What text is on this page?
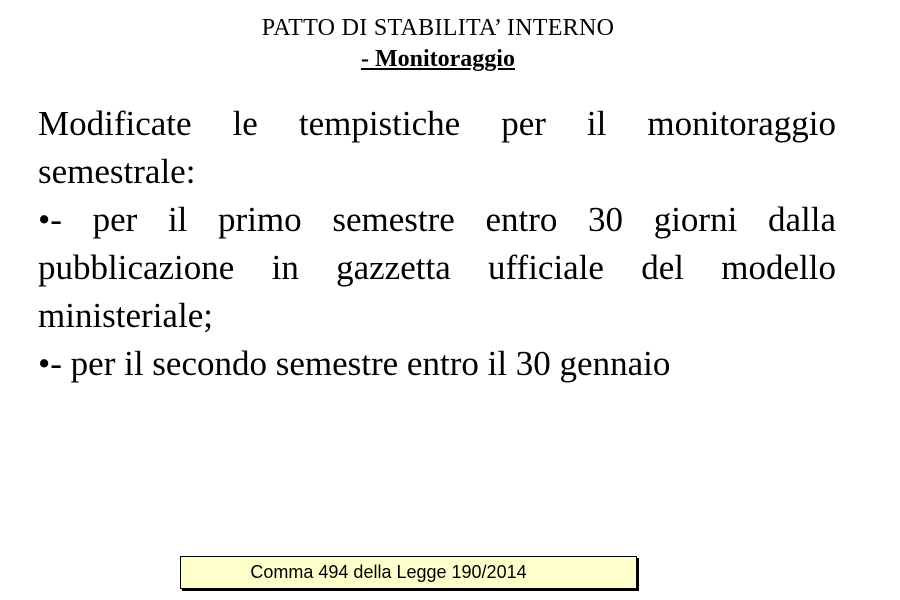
PATTO DI STABILITA’ INTERNO
- Monitoraggio

Modificate le tempistiche per il monitoraggio semestrale:

•- per il primo semestre entro 30 giorni dalla pubblicazione in gazzetta ufficiale del modello ministeriale;

•- per il secondo semestre entro il 30 gennaio

Comma 494 della Legge 190/2014
